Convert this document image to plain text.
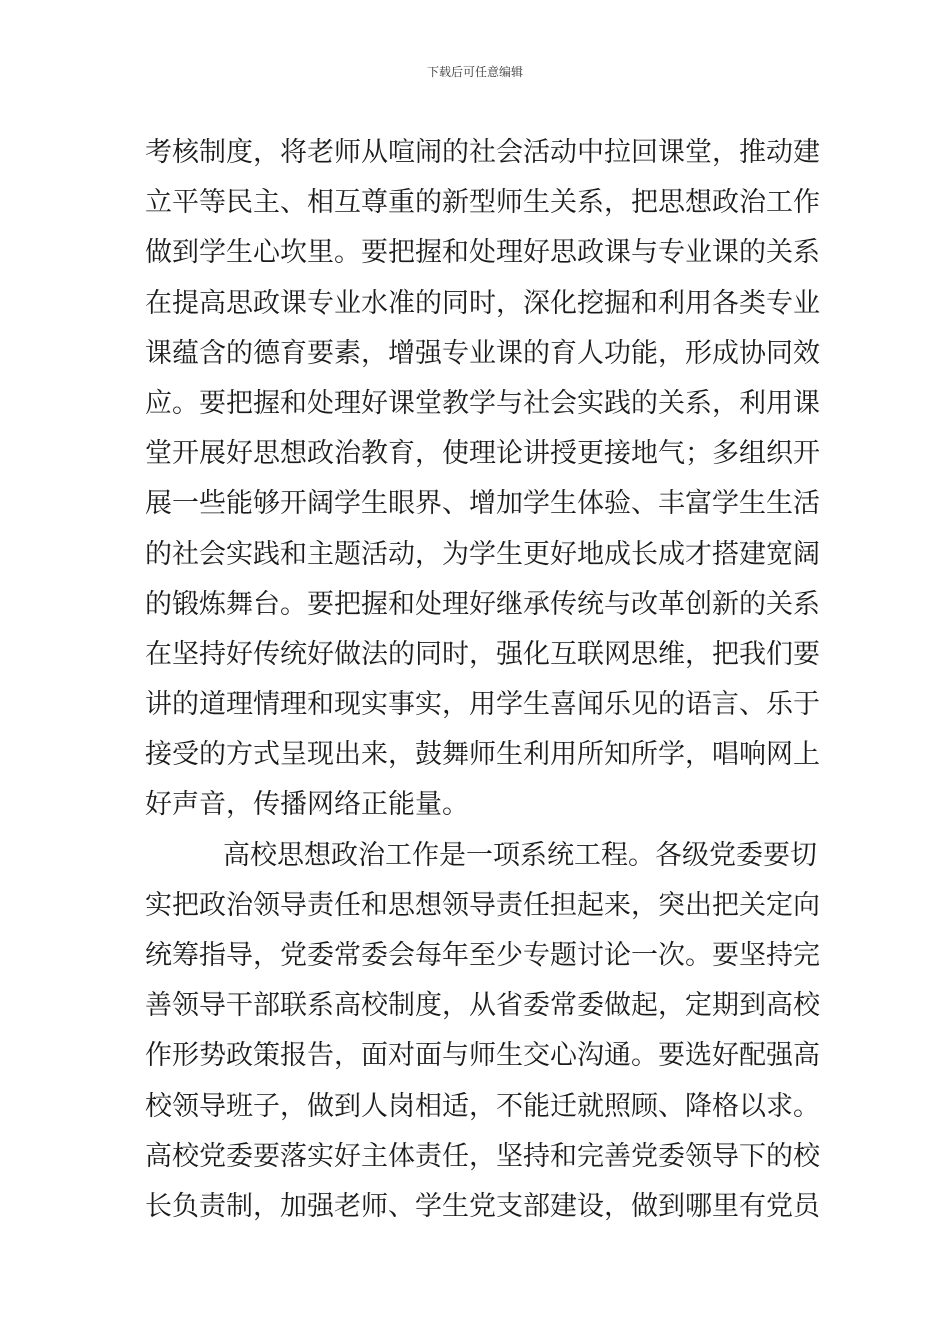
下载后可任意编辑
考核制度，将老师从喧闹的社会活动中拉回课堂，推动建
立平等民主、相互尊重的新型师生关系，把思想政治工作
做到学生心坎里。要把握和处理好思政课与专业课的关系
在提高思政课专业水准的同时，深化挖掘和利用各类专业
课蕴含的德育要素，增强专业课的育人功能，形成协同效
应。要把握和处理好课堂教学与社会实践的关系，利用课
堂开展好思想政治教育，使理论讲授更接地气；多组织开
展一些能够开阔学生眼界、增加学生体验、丰富学生生活
的社会实践和主题活动，为学生更好地成长成才搭建宽阔
的锻炼舞台。要把握和处理好继承传统与改革创新的关系
在坚持好传统好做法的同时，强化互联网思维，把我们要
讲的道理情理和现实事实，用学生喜闻乐见的语言、乐于
接受的方式呈现出来，鼓舞师生利用所知所学，唱响网上
好声音，传播网络正能量。
高校思想政治工作是一项系统工程。各级党委要切
实把政治领导责任和思想领导责任担起来，突出把关定向
统筹指导，党委常委会每年至少专题讨论一次。要坚持完
善领导干部联系高校制度，从省委常委做起，定期到高校
作形势政策报告，面对面与师生交心沟通。要选好配强高
校领导班子，做到人岗相适，不能迁就照顾、降格以求。
高校党委要落实好主体责任，坚持和完善党委领导下的校
长负责制，加强老师、学生党支部建设，做到哪里有党员
